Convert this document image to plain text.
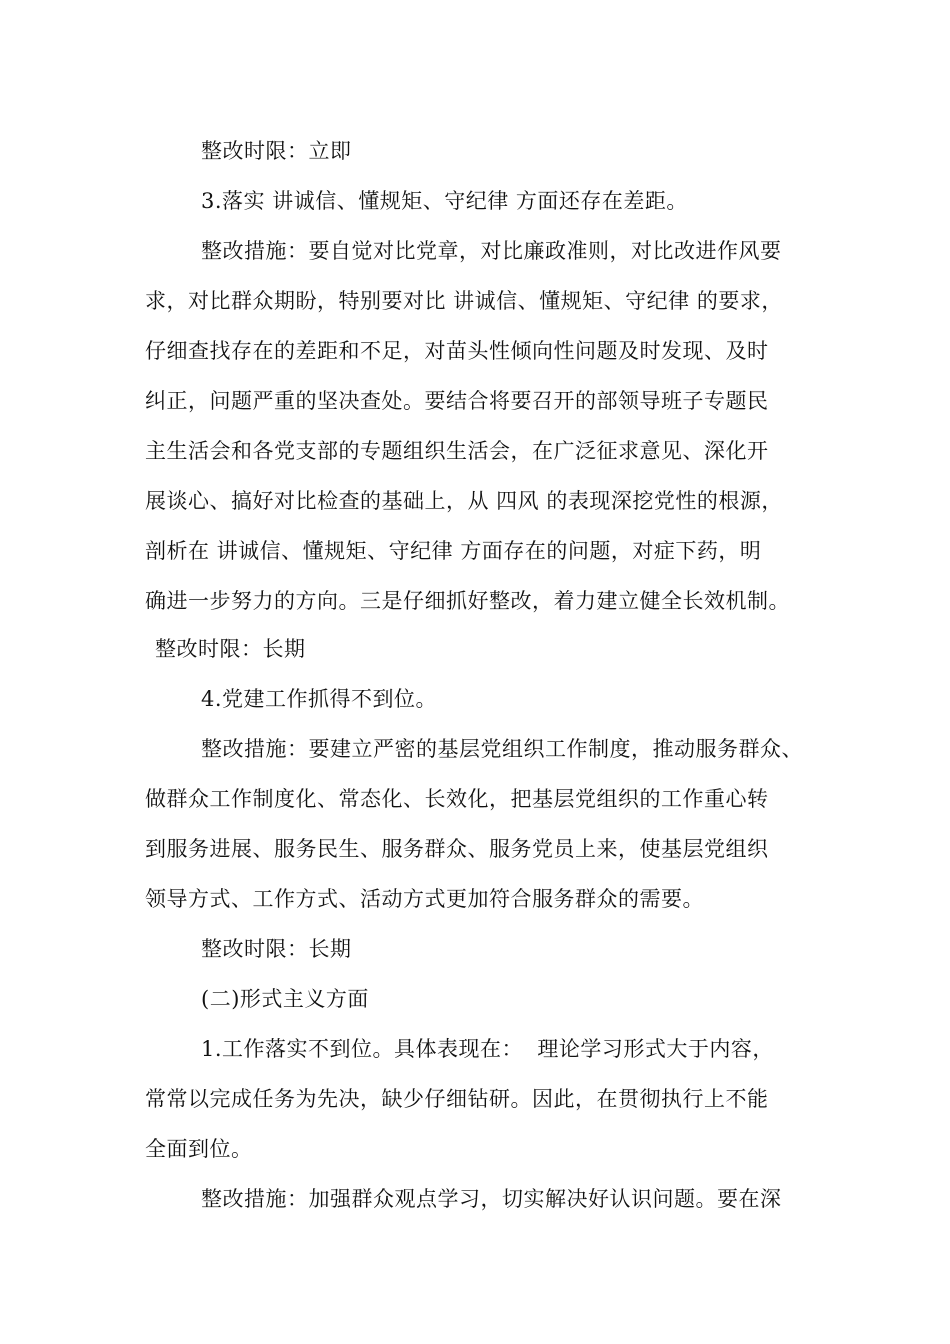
整改时限：立即
3.落实 讲诚信、懂规矩、守纪律 方面还存在差距。
整改措施：要自觉对比党章，对比廉政准则，对比改进作风要
求，对比群众期盼，特别要对比 讲诚信、懂规矩、守纪律 的要求，
仔细查找存在的差距和不足，对苗头性倾向性问题及时发现、及时
纠正，问题严重的坚决查处。要结合将要召开的部领导班子专题民
主生活会和各党支部的专题组织生活会，在广泛征求意见、深化开
展谈心、搞好对比检查的基础上，从 四风 的表现深挖党性的根源，
剖析在 讲诚信、懂规矩、守纪律 方面存在的问题，对症下药，明
确进一步努力的方向。三是仔细抓好整改，着力建立健全长效机制。
整改时限：长期
4.党建工作抓得不到位。
整改措施：要建立严密的基层党组织工作制度，推动服务群众、
做群众工作制度化、常态化、长效化，把基层党组织的工作重心转
到服务进展、服务民生、服务群众、服务党员上来，使基层党组织
领导方式、工作方式、活动方式更加符合服务群众的需要。
整改时限：长期
(二)形式主义方面
1.工作落实不到位。具体表现在：  理论学习形式大于内容，
常常以完成任务为先决，缺少仔细钻研。因此，在贯彻执行上不能
全面到位。
整改措施：加强群众观点学习，切实解决好认识问题。要在深
